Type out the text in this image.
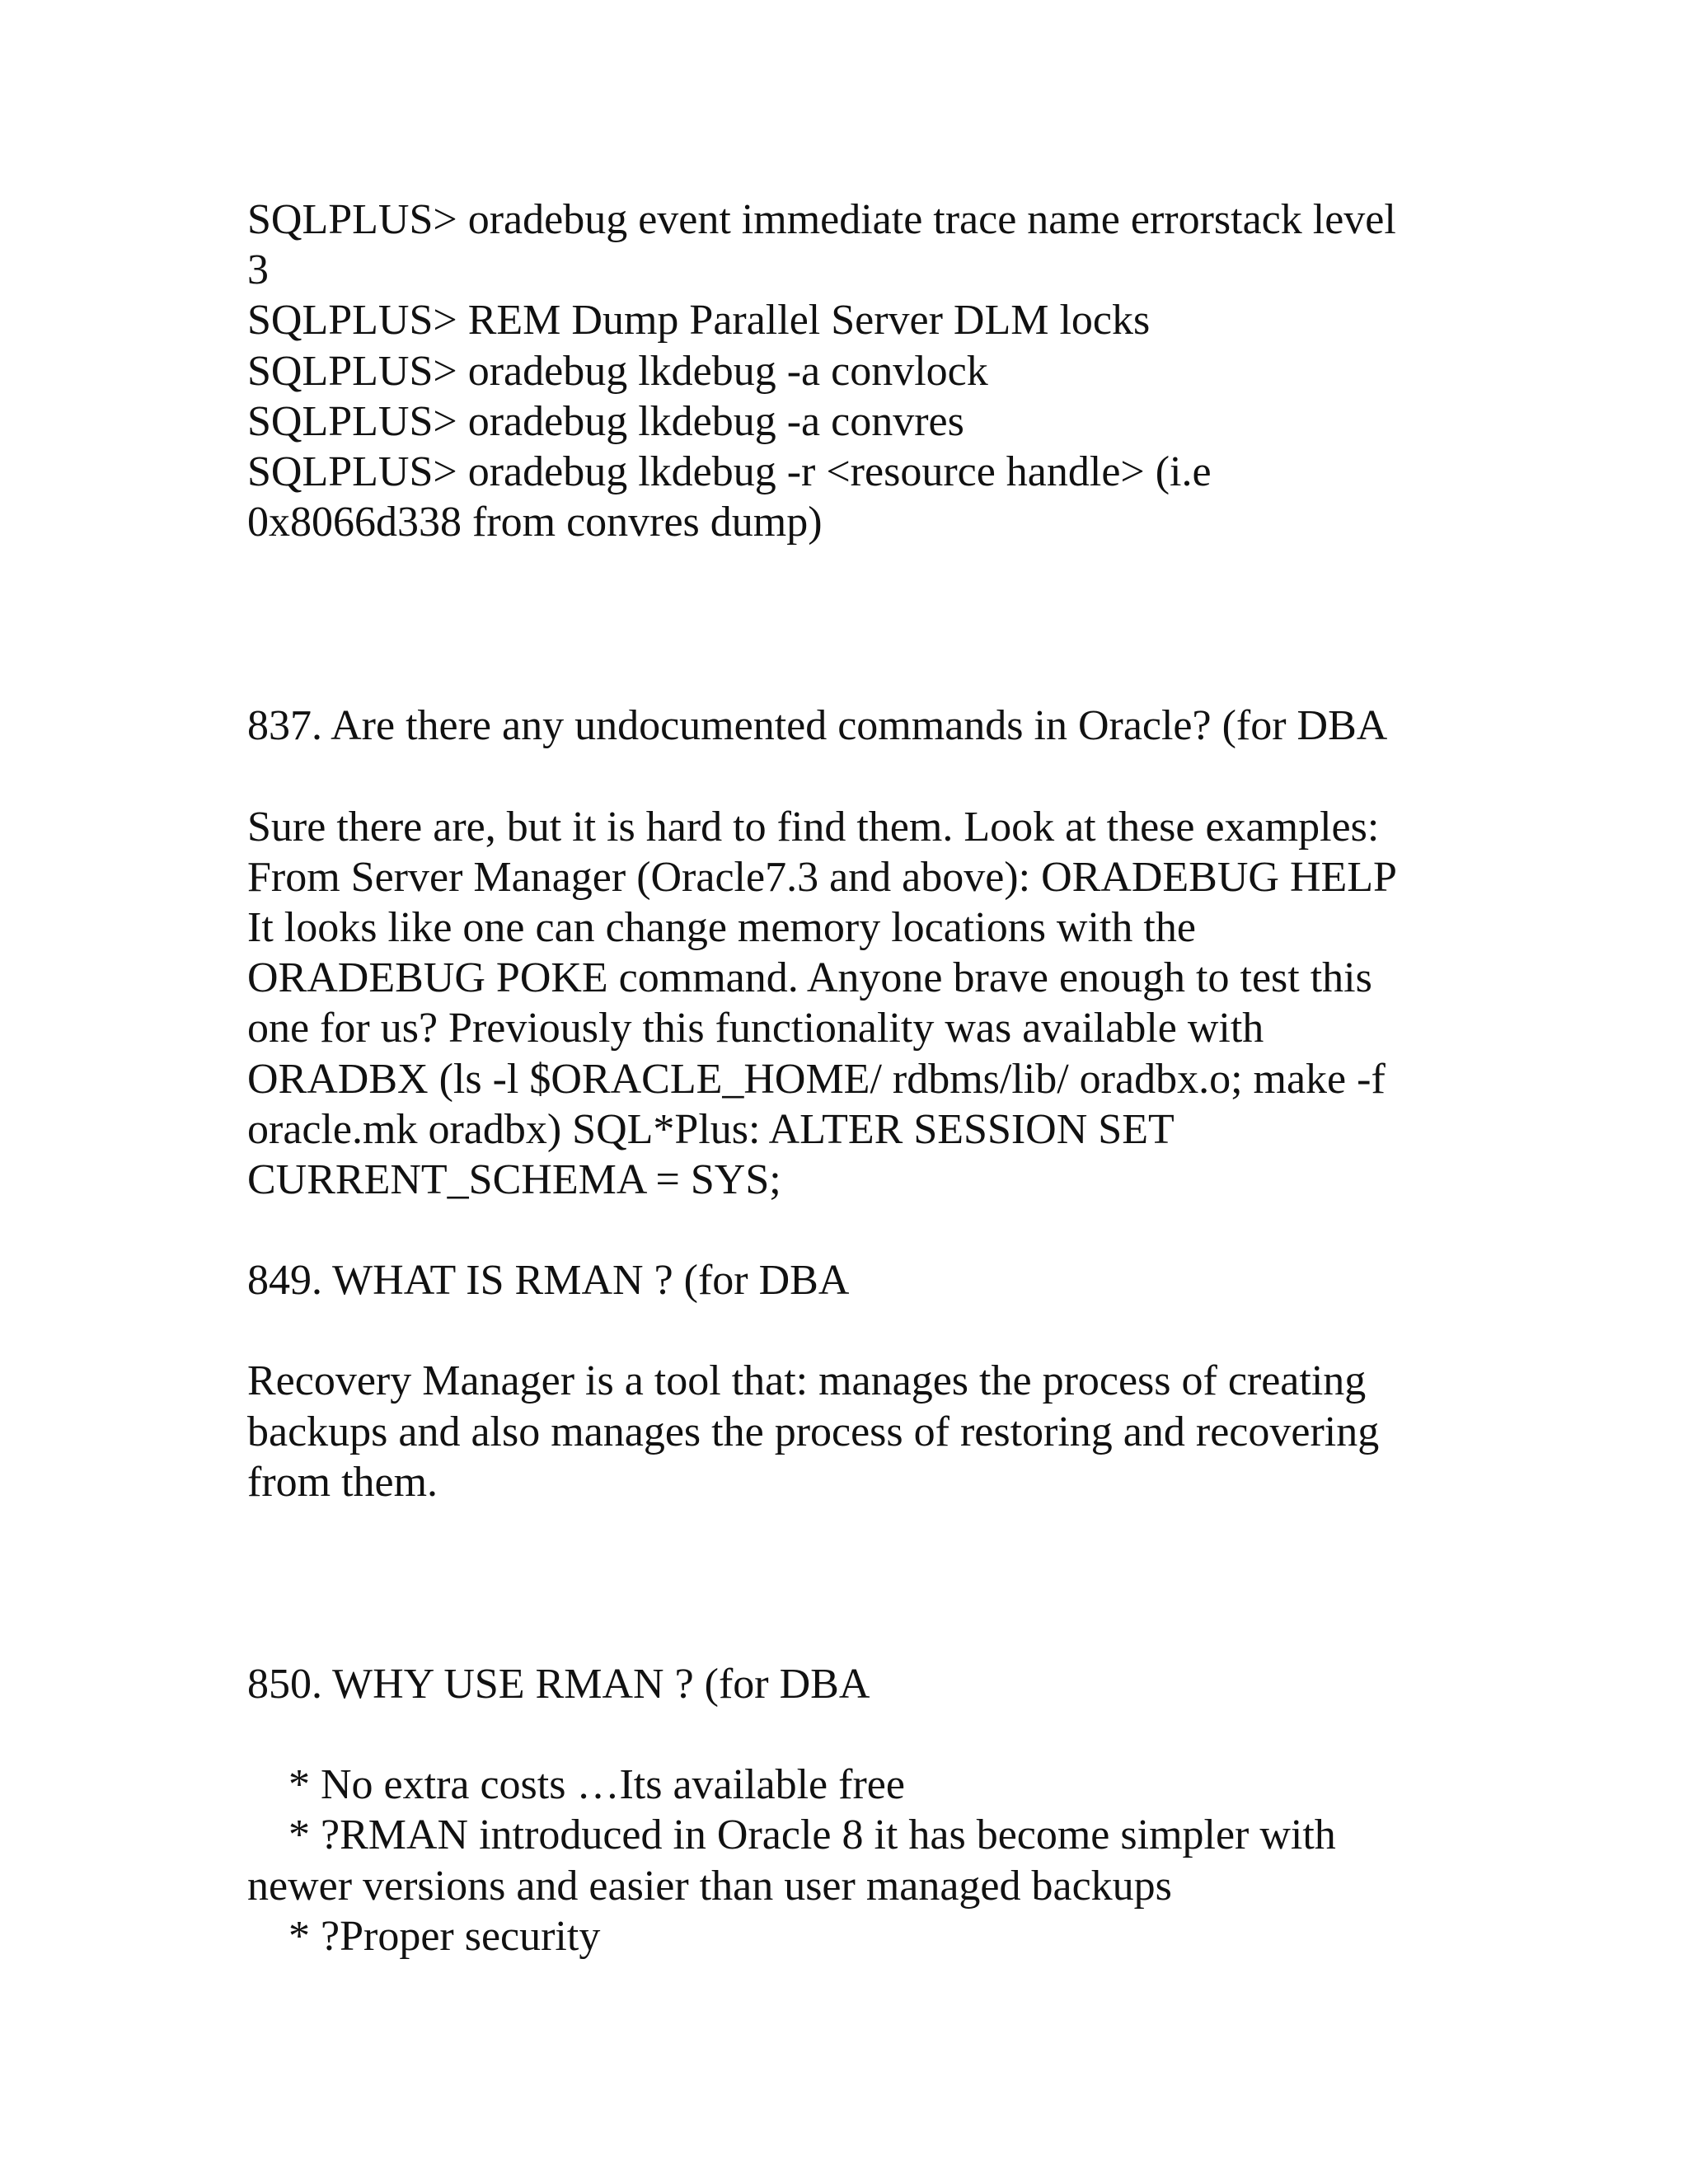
SQLPLUS> oradebug event immediate trace name errorstack level
3
SQLPLUS> REM Dump Parallel Server DLM locks
SQLPLUS> oradebug lkdebug -a convlock
SQLPLUS> oradebug lkdebug -a convres
SQLPLUS> oradebug lkdebug -r <resource handle> (i.e
0x8066d338 from convres dump)
837. Are there any undocumented commands in Oracle? (for DBA
Sure there are, but it is hard to find them. Look at these examples:
From Server Manager (Oracle7.3 and above): ORADEBUG HELP
It looks like one can change memory locations with the
ORADEBUG POKE command. Anyone brave enough to test this
one for us? Previously this functionality was available with
ORADBX (ls -l $ORACLE_HOME/ rdbms/lib/ oradbx.o; make -f
oracle.mk oradbx) SQL*Plus: ALTER SESSION SET
CURRENT_SCHEMA = SYS;
849. WHAT IS RMAN ? (for DBA
Recovery Manager is a tool that: manages the process of creating
backups and also manages the process of restoring and recovering
from them.
850. WHY USE RMAN ? (for DBA
* No extra costs …Its available free
* ?RMAN introduced in Oracle 8 it has become simpler with
newer versions and easier than user managed backups
* ?Proper security
